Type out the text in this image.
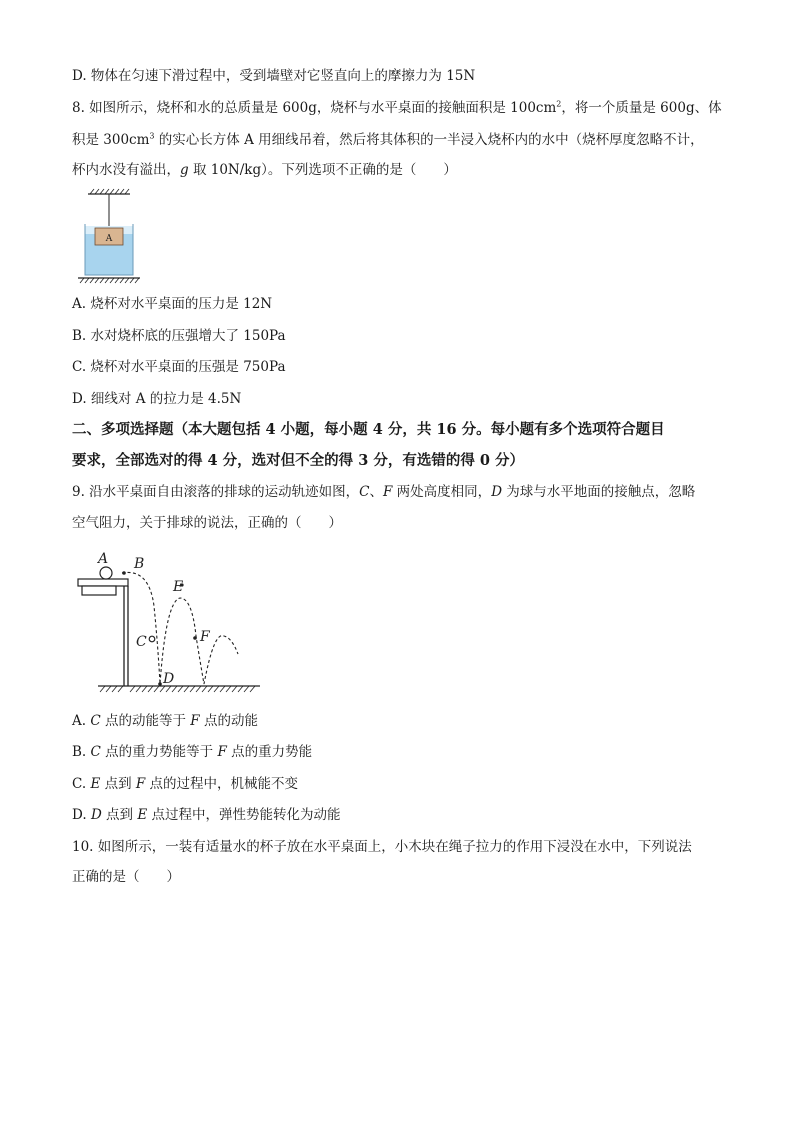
D. 物体在匀速下滑过程中，受到墙壁对它竖直向上的摩擦力为 15N
8. 如图所示，烧杯和水的总质量是 600g，烧杯与水平桌面的接触面积是 $100cm^2$，将一个质量是 600g、体
积是 $300cm^3$ 的实心长方体 A 用细线吊着，然后将其体积的一半浸入烧杯内的水中（烧杯厚度忽略不计，
杯内水没有溢出，g 取 10N/kg）。下列选项不正确的是（　　）
A
A. 烧杯对水平桌面的压力是 12N
B. 水对烧杯底的压强增大了 150Pa
C. 烧杯对水平桌面的压强是 750Pa
D. 细线对 A 的拉力是 4.5N
二、多项选择题（本大题包括 4 小题，每小题 4 分，共 16 分。每小题有多个选项符合题目
要求，全部选对的得 4 分，选对但不全的得 3 分，有选错的得 0 分）
9. 沿水平桌面自由滚落的排球的运动轨迹如图，C、F 两处高度相同，D 为球与水平地面的接触点，忽略
空气阻力，关于排球的说法，正确的（　　）
A B
C
D
E
F
A. C 点的动能等于 F 点的动能
B. C 点的重力势能等于 F 点的重力势能
C. E 点到 F 点的过程中，机械能不变
D. D 点到 E 点过程中，弹性势能转化为动能
10. 如图所示，一装有适量水的杯子放在水平桌面上，小木块在绳子拉力的作用下浸没在水中，下列说法
正确的是（　　）
